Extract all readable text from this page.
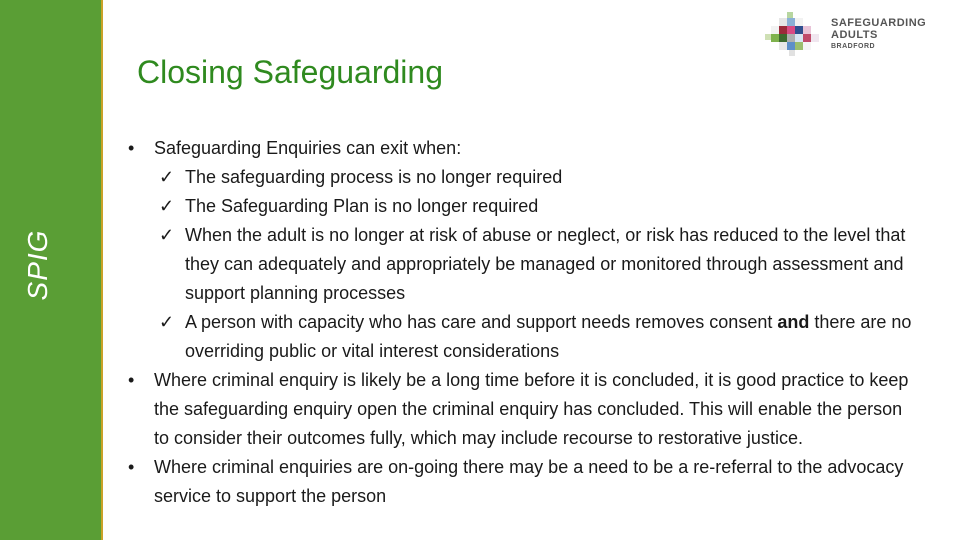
SPIG
Closing Safeguarding
SAFEGUARDING
ADULTS
BRADFORD
• Safeguarding Enquiries can exit when:
✓ The safeguarding process is no longer required
✓ The Safeguarding Plan is no longer required
✓ When the adult is no longer at risk of abuse or neglect, or risk has reduced to the level that they can adequately and appropriately be managed or monitored through assessment and support planning processes
✓ A person with capacity who has care and support needs removes consent and there are no overriding public or vital interest considerations
• Where criminal enquiry is likely be a long time before it is concluded, it is good practice to keep the safeguarding enquiry open the criminal enquiry has concluded. This will enable the person to consider their outcomes fully, which may include recourse to restorative justice.
• Where criminal enquiries are on-going there may be a need to be a re-referral to the advocacy service to support the person
